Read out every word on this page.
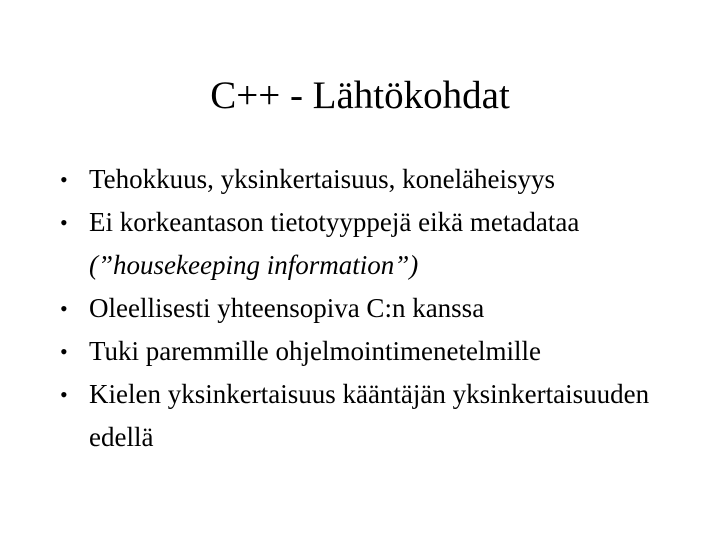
C++ - Lähtökohdat
• Tehokkuus, yksinkertaisuus, koneläheisyys
• Ei korkeantason tietotyyppejä eikä metadataa (”housekeeping information”)
• Oleellisesti yhteensopiva C:n kanssa
• Tuki paremmille ohjelmointimenetelmille
• Kielen yksinkertaisuus kääntäjän yksinkertaisuuden edellä
